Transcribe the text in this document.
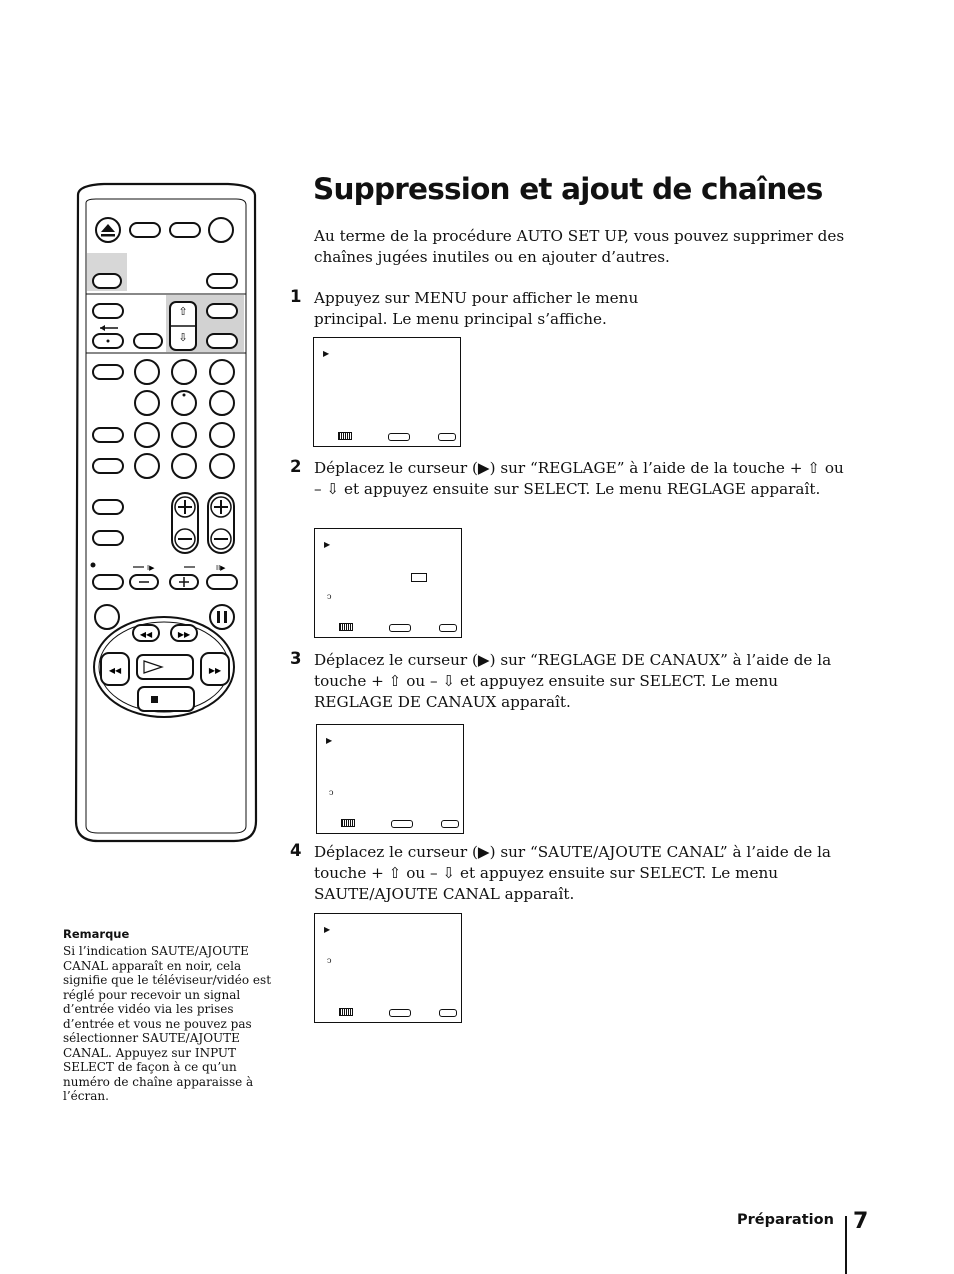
⇧
⇩
I▶	II▶
◀◀	▶▶
◀◀	▶▶
Suppression et ajout de chaînes
Au terme de la procédure AUTO SET UP, vous pouvez supprimer des chaînes jugées inutiles ou en ajouter d’autres.
1 Appuyez sur MENU pour afficher le menu principal. Le menu principal s’affiche.
▶
2 Déplacez le curseur (▶) sur “REGLAGE” à l’aide de la touche + ⇧ ou – ⇩ et appuyez ensuite sur SELECT. Le menu REGLAGE apparaît.
▶
ↄ
3 Déplacez le curseur (▶) sur “REGLAGE DE CANAUX” à l’aide de la touche + ⇧ ou – ⇩ et appuyez ensuite sur SELECT. Le menu REGLAGE DE CANAUX apparaît.
▶
ↄ
4 Déplacez le curseur (▶) sur “SAUTE/AJOUTE CANAL” à l’aide de la touche + ⇧ ou – ⇩ et appuyez ensuite sur SELECT. Le menu SAUTE/AJOUTE CANAL apparaît.
▶
ↄ
Remarque
Si l’indication SAUTE/AJOUTE CANAL apparaît en noir, cela signifie que le téléviseur/vidéo est réglé pour recevoir un signal d’entrée vidéo via les prises d’entrée et vous ne pouvez pas sélectionner SAUTE/AJOUTE CANAL. Appuyez sur INPUT SELECT de façon à ce qu’un numéro de chaîne apparaisse à l’écran.
Préparation 7
